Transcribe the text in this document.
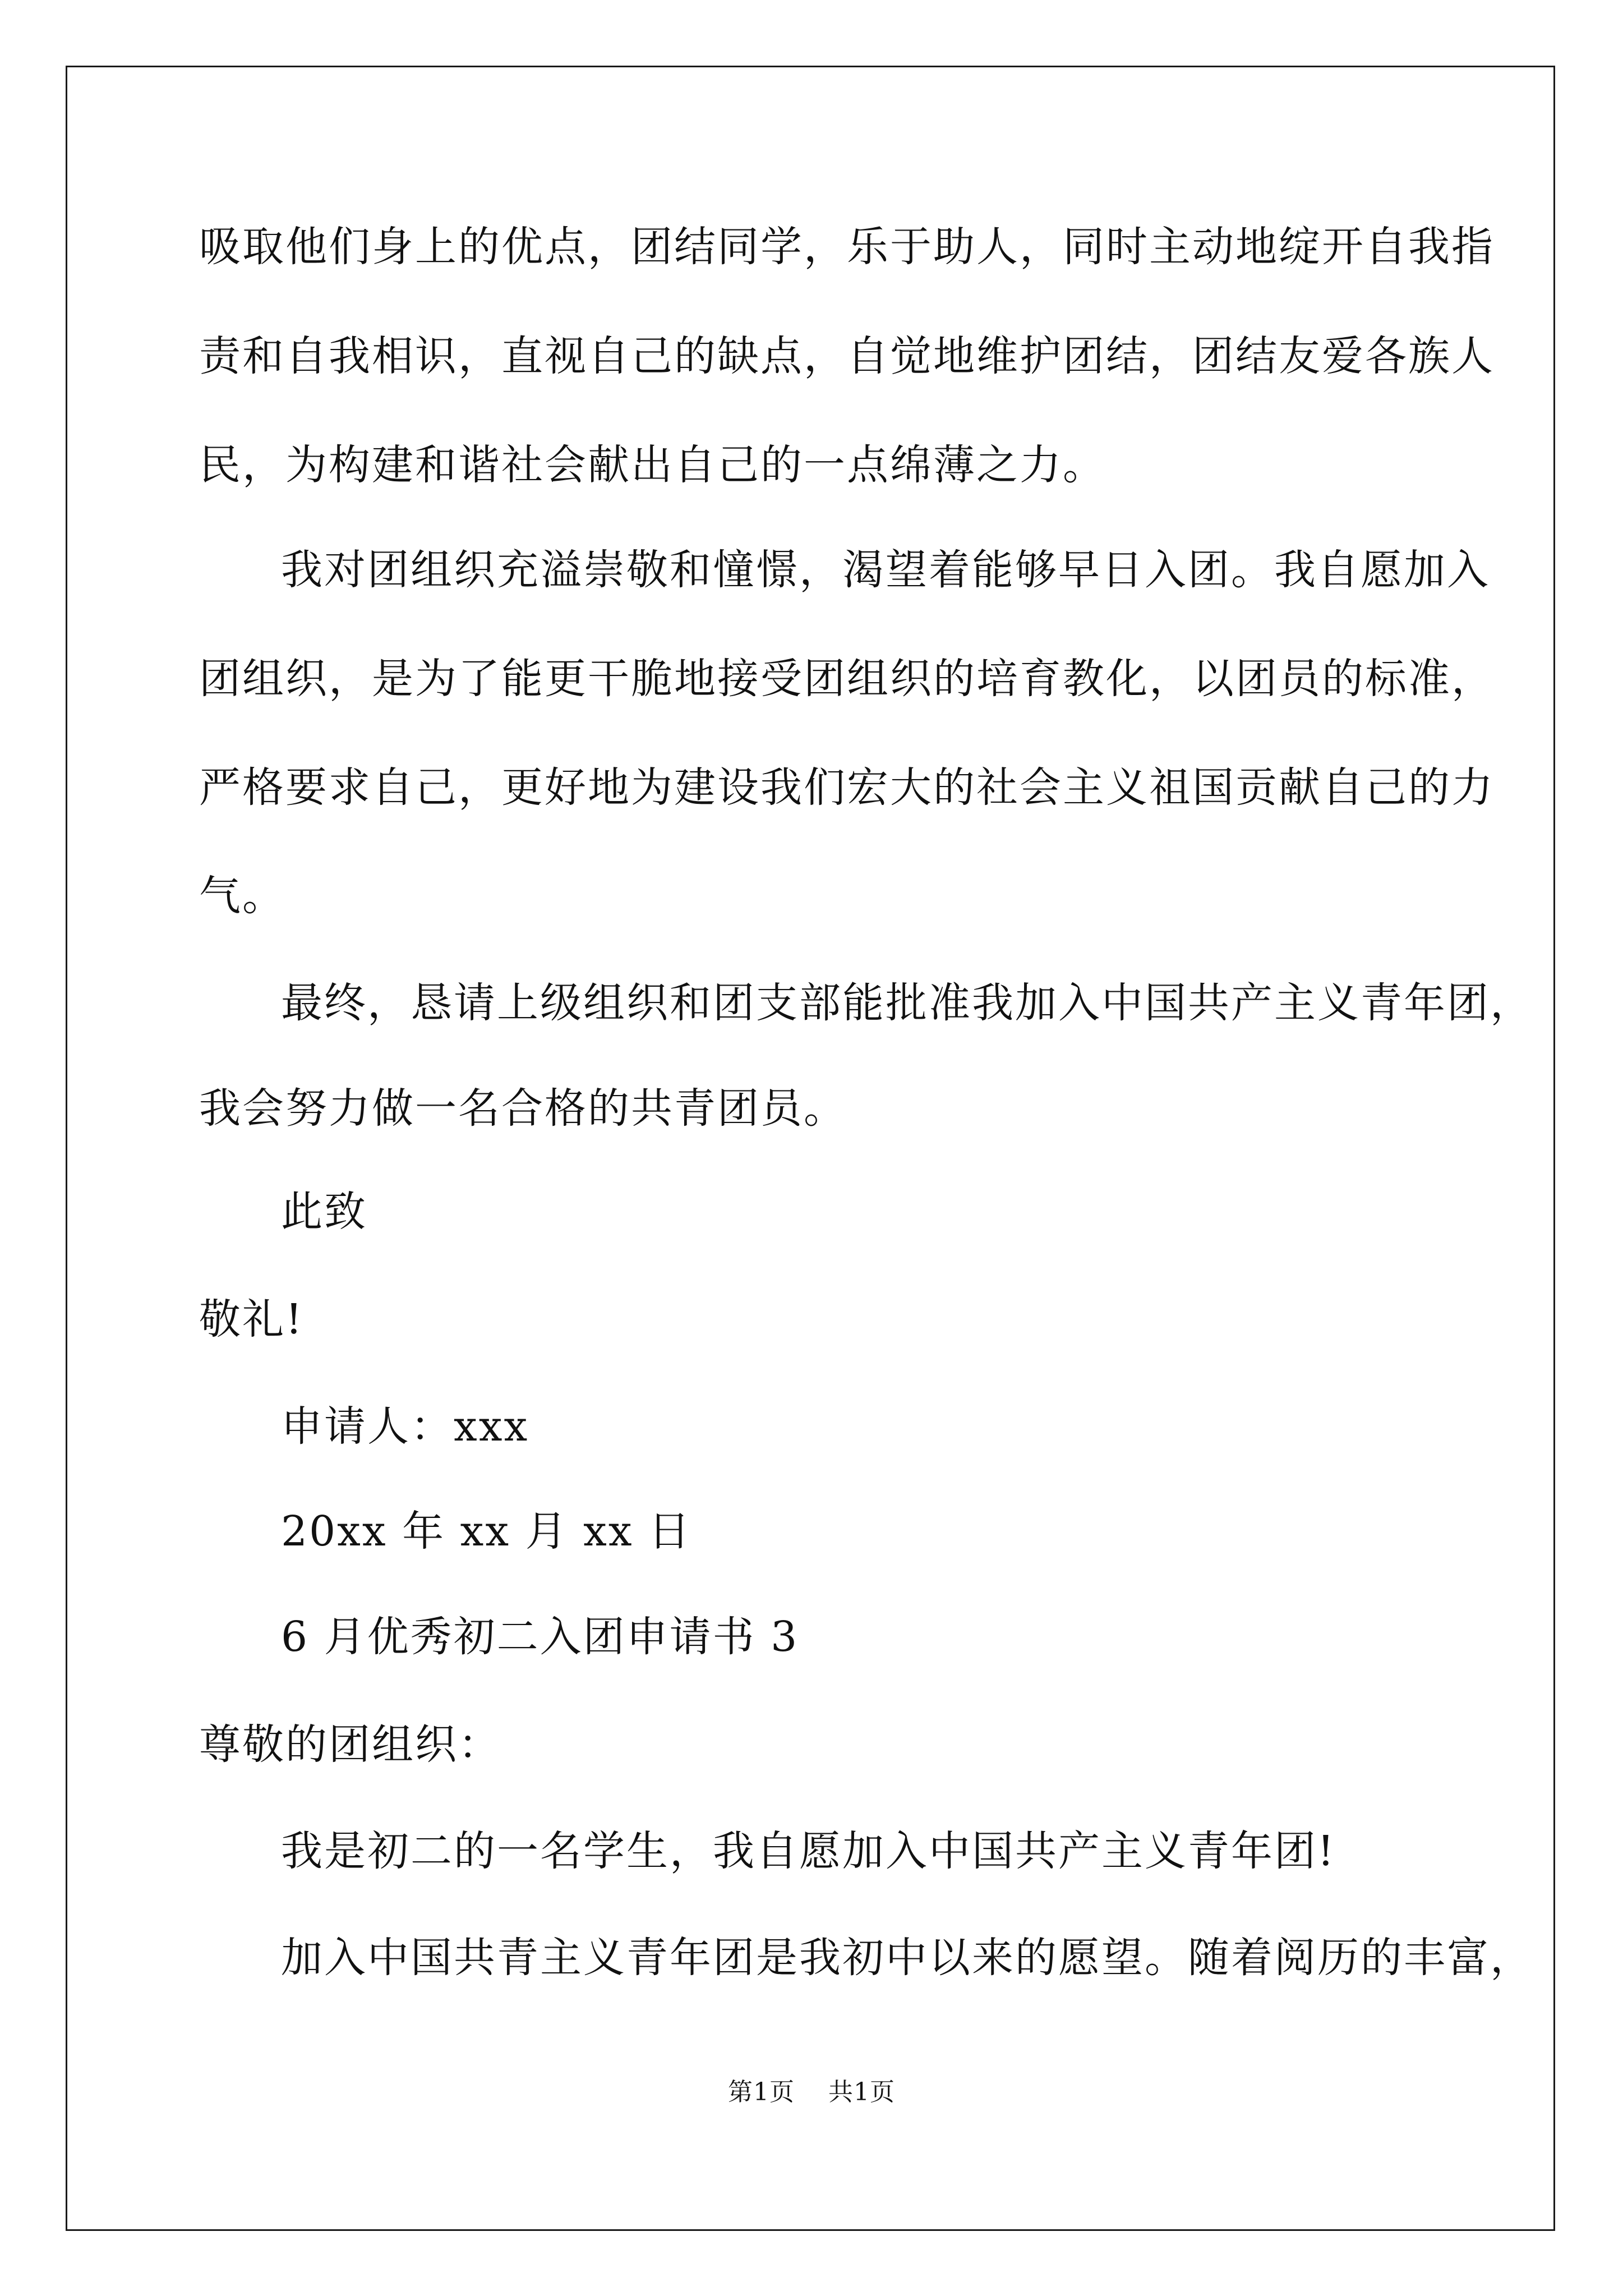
吸取他们身上的优点，团结同学，乐于助人，同时主动地绽开自我指
责和自我相识，直视自己的缺点，自觉地维护团结，团结友爱各族人
民，为构建和谐社会献出自己的一点绵薄之力。
我对团组织充溢崇敬和憧憬，渴望着能够早日入团。我自愿加入
团组织，是为了能更干脆地接受团组织的培育教化，以团员的标准，
严格要求自己，更好地为建设我们宏大的社会主义祖国贡献自己的力
气。
最终，恳请上级组织和团支部能批准我加入中国共产主义青年团，
我会努力做一名合格的共青团员。
此致
敬礼!
申请人：xxx
20xx 年 xx 月 xx 日
6 月优秀初二入团申请书 3
尊敬的团组织：
我是初二的一名学生，我自愿加入中国共产主义青年团!
加入中国共青主义青年团是我初中以来的愿望。随着阅历的丰富，
第1页 共1页
